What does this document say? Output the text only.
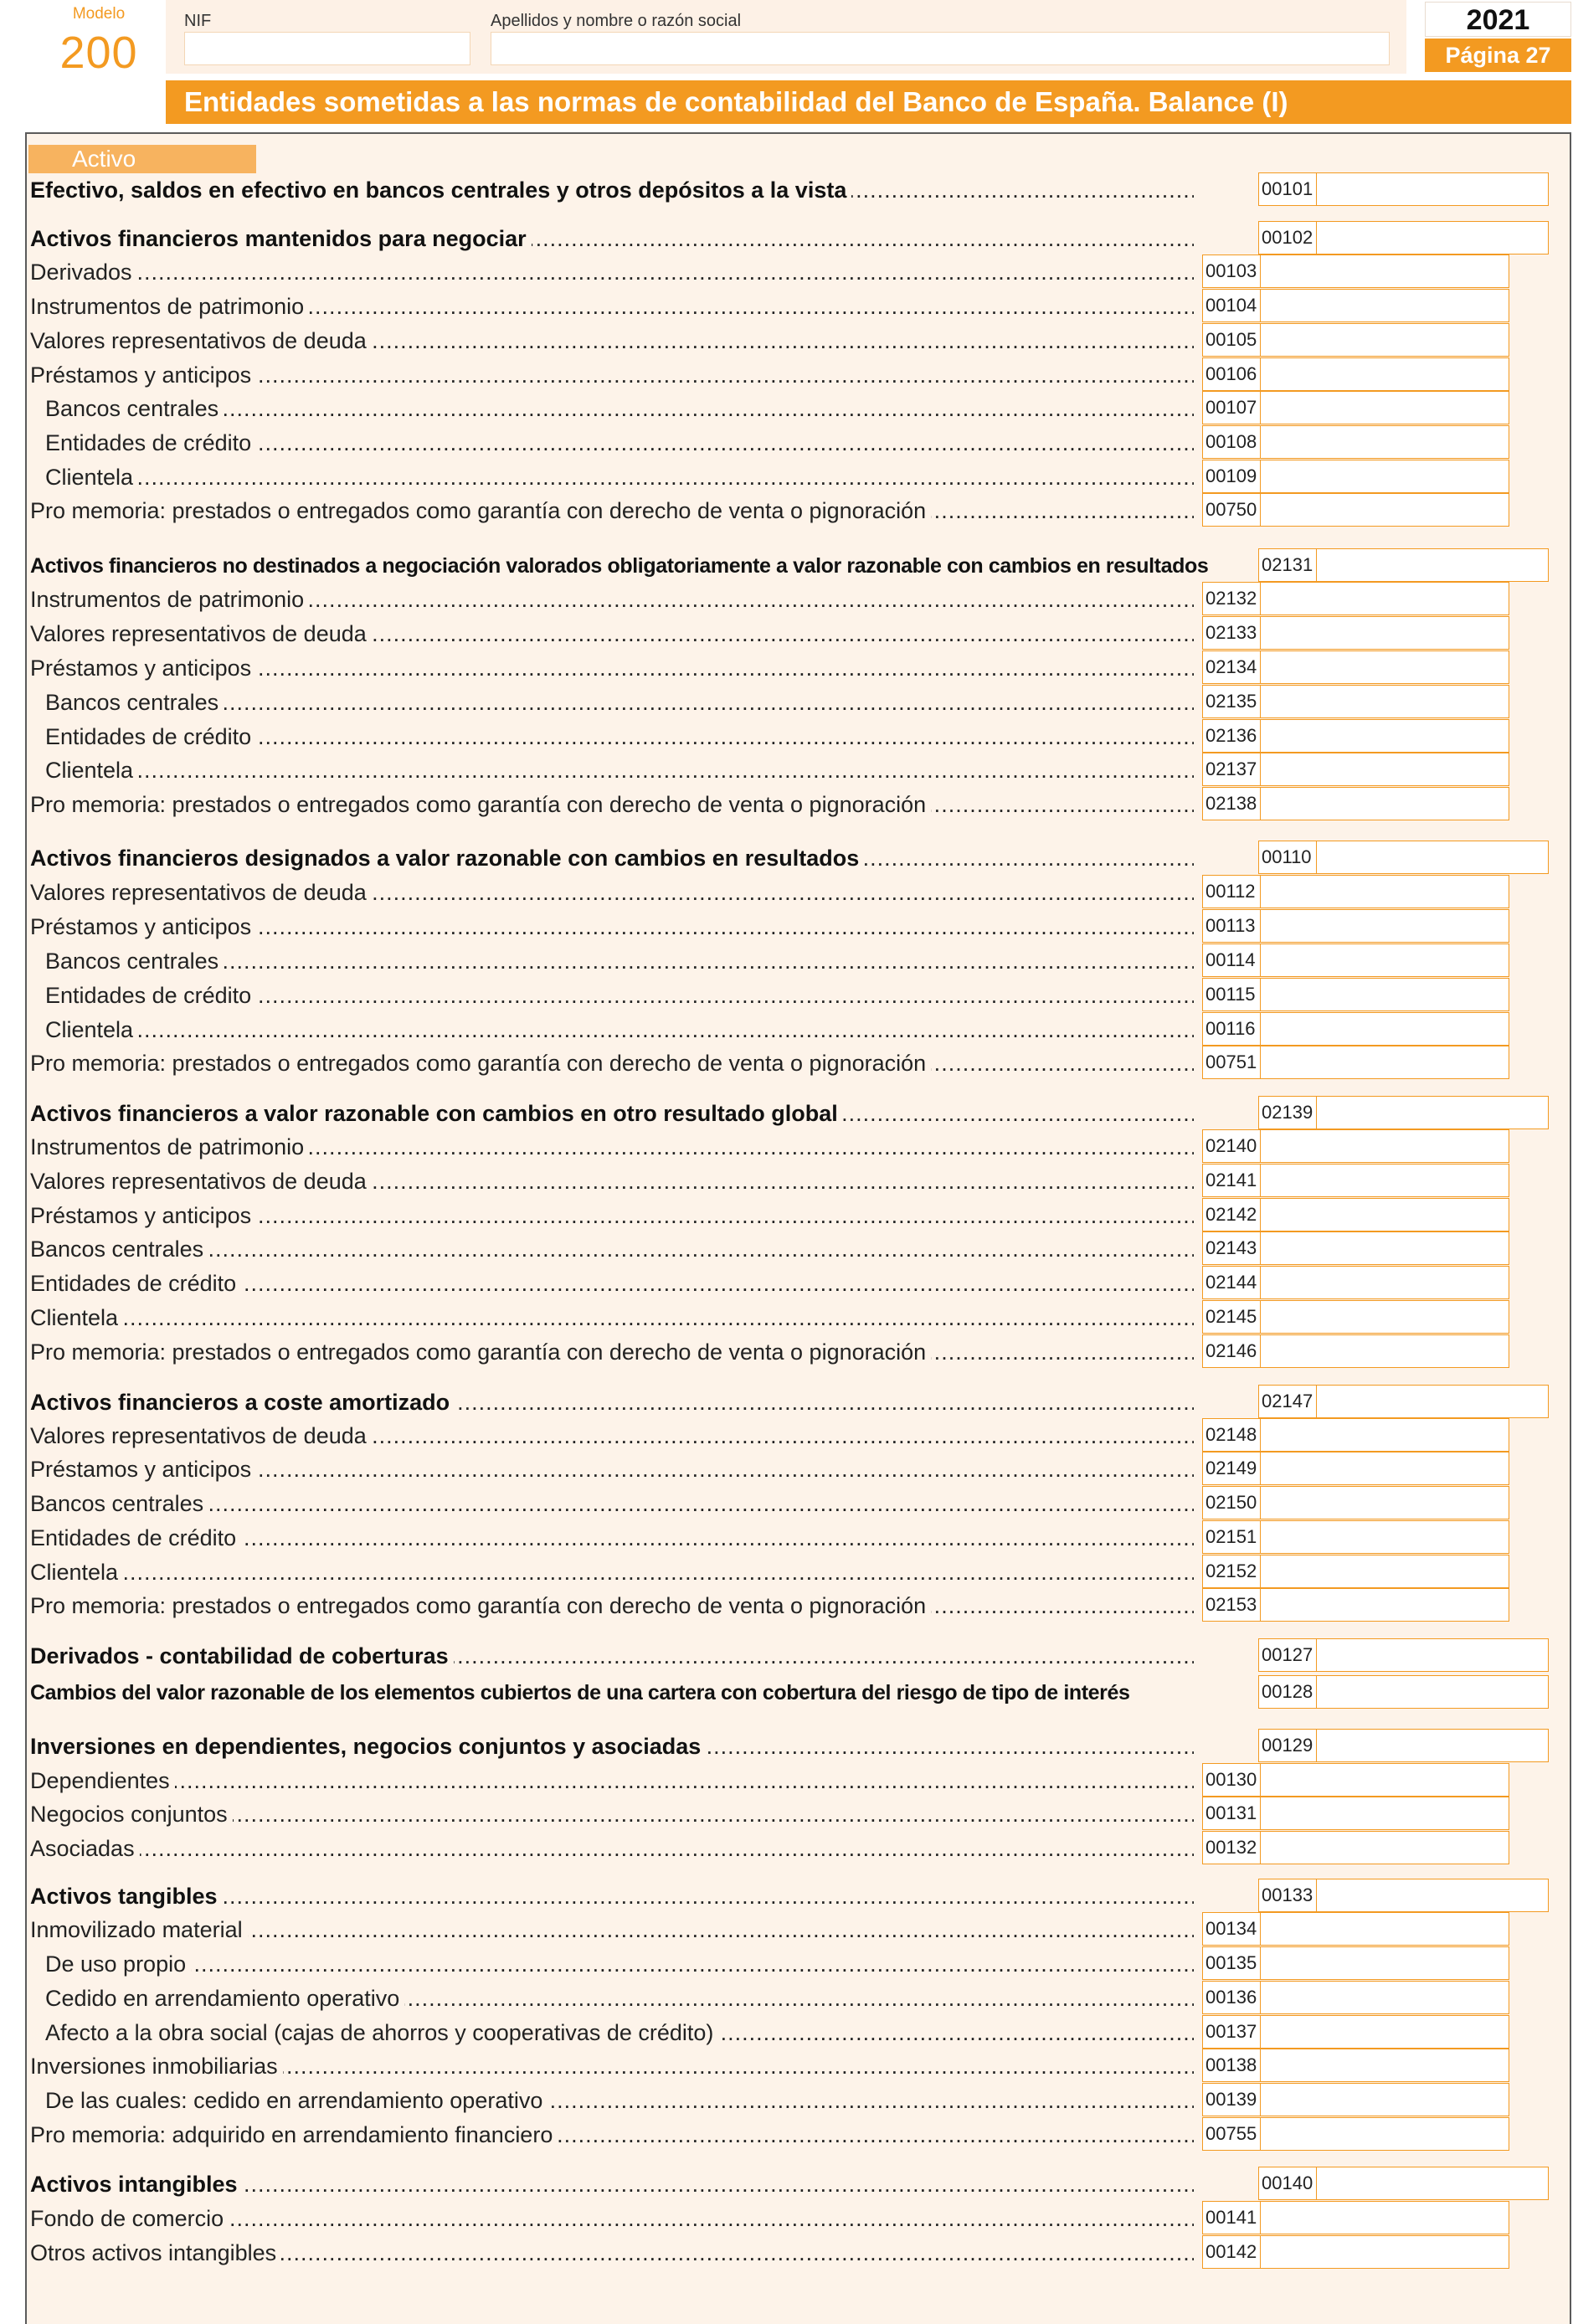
Modelo
200
NIF	Apellidos y nombre o razón social	2021
Página 27
Entidades sometidas a las normas de contabilidad del Banco de España. Balance (I)
Activo
Efectivo, saldos en efectivo en bancos centrales y otros depósitos a la vista .....	00101
Activos financieros mantenidos para negociar .....	00102
Derivados .....	00103
Instrumentos de patrimonio .....	00104
Valores representativos de deuda .....	00105
Préstamos y anticipos .....	00106
Bancos centrales .....	00107
Entidades de crédito .....	00108
Clientela .....	00109
Pro memoria: prestados o entregados como garantía con derecho de venta o pignoración .....	00750
Activos financieros no destinados a negociación valorados obligatoriamente a valor razonable con cambios en resultados	02131
Instrumentos de patrimonio .....	02132
Valores representativos de deuda .....	02133
Préstamos y anticipos .....	02134
Bancos centrales .....	02135
Entidades de crédito .....	02136
Clientela .....	02137
Pro memoria: prestados o entregados como garantía con derecho de venta o pignoración .....	02138
Activos financieros designados a valor razonable con cambios en resultados .....	00110
Valores representativos de deuda .....	00112
Préstamos y anticipos .....	00113
Bancos centrales .....	00114
Entidades de crédito .....	00115
Clientela .....	00116
Pro memoria: prestados o entregados como garantía con derecho de venta o pignoración .....	00751
Activos financieros a valor razonable con cambios en otro resultado global .....	02139
Instrumentos de patrimonio .....	02140
Valores representativos de deuda .....	02141
Préstamos y anticipos .....	02142
Bancos centrales .....	02143
Entidades de crédito .....	02144
Clientela .....	02145
Pro memoria: prestados o entregados como garantía con derecho de venta o pignoración .....	02146
Activos financieros a coste amortizado .....	02147
Valores representativos de deuda .....	02148
Préstamos y anticipos .....	02149
Bancos centrales .....	02150
Entidades de crédito .....	02151
Clientela .....	02152
Pro memoria: prestados o entregados como garantía con derecho de venta o pignoración .....	02153
Derivados - contabilidad de coberturas .....	00127
Cambios del valor razonable de los elementos cubiertos de una cartera con cobertura del riesgo de tipo de interés	00128
Inversiones en dependientes, negocios conjuntos y asociadas .....	00129
Dependientes .....	00130
Negocios conjuntos .....	00131
Asociadas .....	00132
Activos tangibles .....	00133
Inmovilizado material .....	00134
De uso propio .....	00135
Cedido en arrendamiento operativo .....	00136
Afecto a la obra social (cajas de ahorros y cooperativas de crédito) .....	00137
Inversiones inmobiliarias .....	00138
De las cuales: cedido en arrendamiento operativo .....	00139
Pro memoria: adquirido en arrendamiento financiero .....	00755
Activos intangibles .....	00140
Fondo de comercio .....	00141
Otros activos intangibles .....	00142
